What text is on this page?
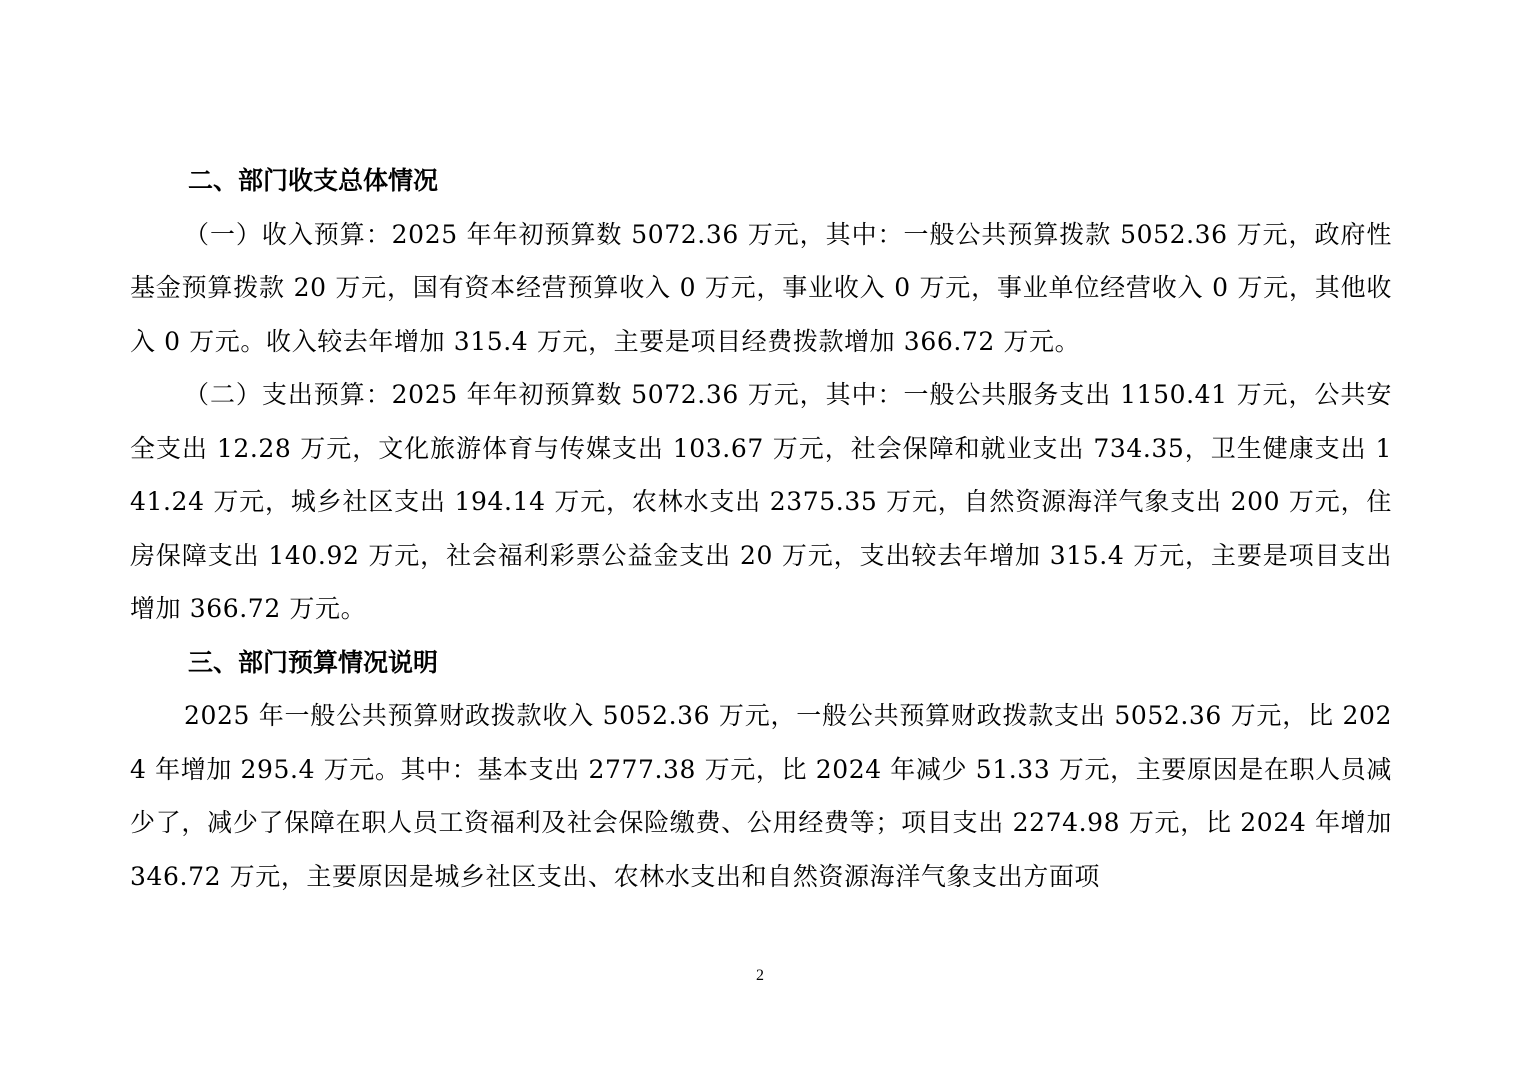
二、部门收支总体情况

（一）收入预算：2025 年年初预算数 5072.36 万元，其中：一般公共预算拨款 5052.36 万元，政府性基金预算拨款 20 万元，国有资本经营预算收入 0 万元，事业收入 0 万元，事业单位经营收入 0 万元，其他收入 0 万元。收入较去年增加 315.4 万元，主要是项目经费拨款增加 366.72 万元。

（二）支出预算：2025 年年初预算数 5072.36 万元，其中：一般公共服务支出 1150.41 万元，公共安全支出 12.28 万元，文化旅游体育与传媒支出 103.67 万元，社会保障和就业支出 734.35，卫生健康支出 141.24 万元，城乡社区支出 194.14 万元，农林水支出 2375.35 万元，自然资源海洋气象支出 200 万元，住房保障支出 140.92 万元，社会福利彩票公益金支出 20 万元，支出较去年增加 315.4 万元，主要是项目支出增加 366.72 万元。

三、部门预算情况说明

2025 年一般公共预算财政拨款收入 5052.36 万元，一般公共预算财政拨款支出 5052.36 万元，比 2024 年增加 295.4 万元。其中：基本支出 2777.38 万元，比 2024 年减少 51.33 万元，主要原因是在职人员减少了，减少了保障在职人员工资福利及社会保险缴费、公用经费等；项目支出 2274.98 万元，比 2024 年增加 346.72 万元，主要原因是城乡社区支出、农林水支出和自然资源海洋气象支出方面项

2
